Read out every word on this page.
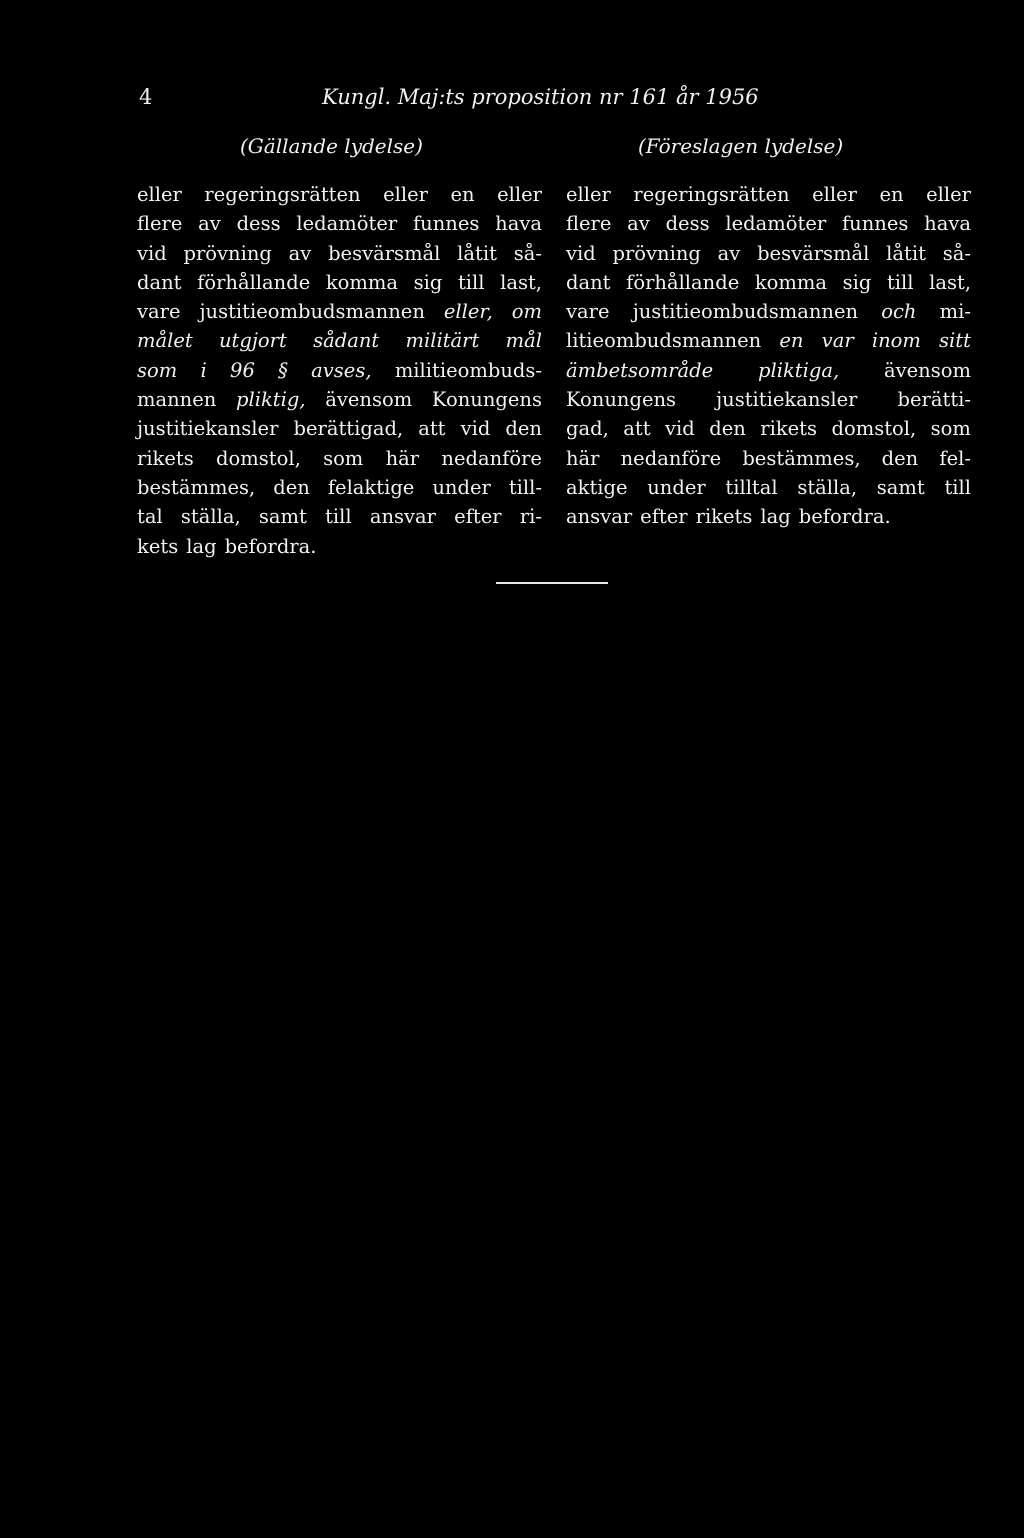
4	Kungl. Maj:ts proposition nr 161 år 1956
(Gällande lydelse)	(Föreslagen lydelse)
eller regeringsrätten eller en eller
flere av dess ledamöter funnes hava
vid prövning av besvärsmål låtit så-
dant förhållande komma sig till last,
vare justitieombudsmannen eller, om
målet utgjort sådant militärt mål
som i 96 § avses, militieombuds-
mannen pliktig, ävensom Konungens
justitiekansler berättigad, att vid den
rikets domstol, som här nedanföre
bestämmes, den felaktige under till-
tal ställa, samt till ansvar efter ri-
kets lag befordra.
eller regeringsrätten eller en eller
flere av dess ledamöter funnes hava
vid prövning av besvärsmål låtit så-
dant förhållande komma sig till last,
vare justitieombudsmannen och mi-
litieombudsmannen en var inom sitt
ämbetsområde pliktiga, ävensom
Konungens justitiekansler berätti-
gad, att vid den rikets domstol, som
här nedanföre bestämmes, den fel-
aktige under tilltal ställa, samt till
ansvar efter rikets lag befordra.
